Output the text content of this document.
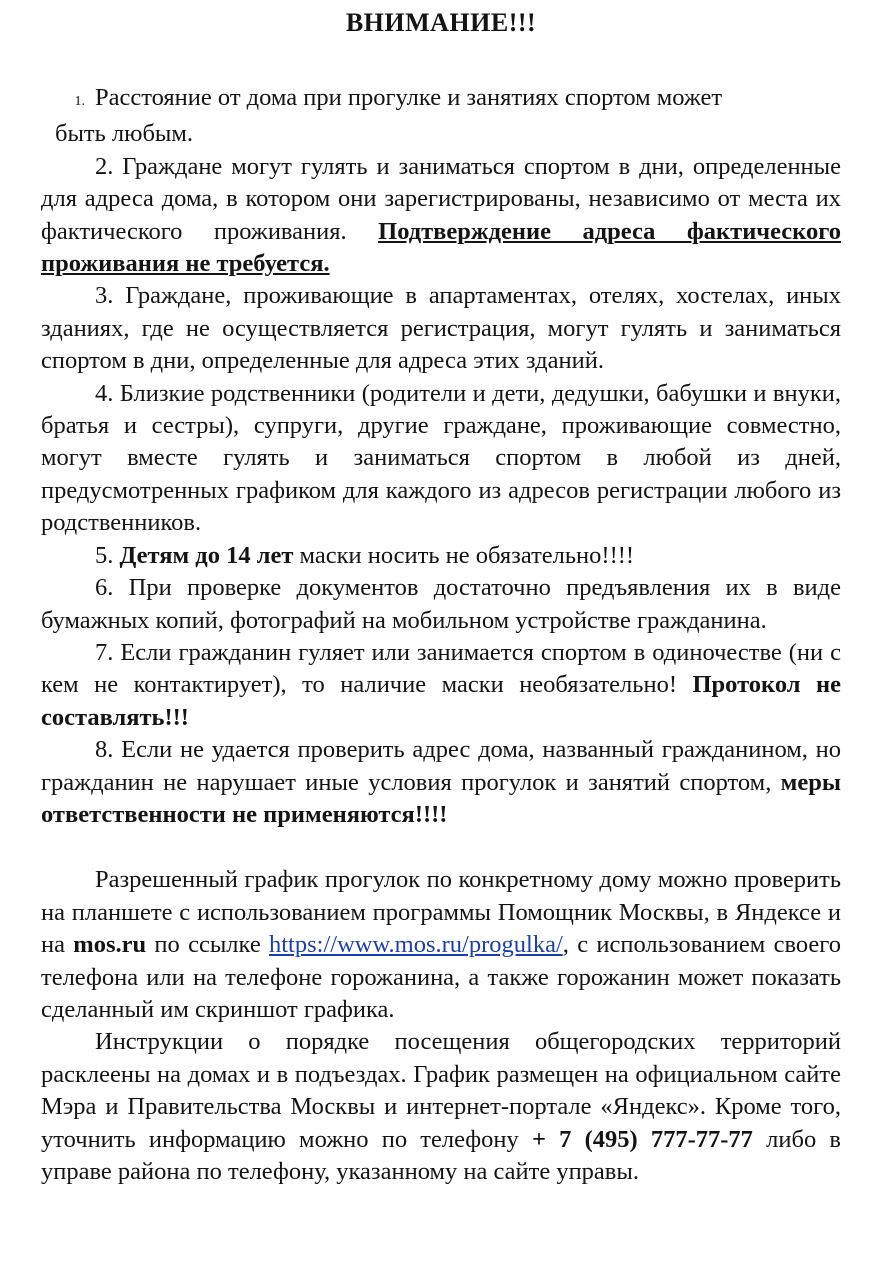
ВНИМАНИЕ!!!
1. Расстояние от дома при прогулке и занятиях спортом может
быть любым.
2. Граждане могут гулять и заниматься спортом в дни, определенные для адреса дома, в котором они зарегистрированы, независимо от места их фактического проживания. Подтверждение адреса фактического проживания не требуется.
3. Граждане, проживающие в апартаментах, отелях, хостелах, иных зданиях, где не осуществляется регистрация, могут гулять и заниматься спортом в дни, определенные для адреса этих зданий.
4. Близкие родственники (родители и дети, дедушки, бабушки и внуки, братья и сестры), супруги, другие граждане, проживающие совместно, могут вместе гулять и заниматься спортом в любой из дней, предусмотренных графиком для каждого из адресов регистрации любого из родственников.
5. Детям до 14 лет маски носить не обязательно!!!!
6. При проверке документов достаточно предъявления их в виде бумажных копий, фотографий на мобильном устройстве гражданина.
7. Если гражданин гуляет или занимается спортом в одиночестве (ни с кем не контактирует), то наличие маски необязательно! Протокол не составлять!!!
8. Если не удается проверить адрес дома, названный гражданином, но гражданин не нарушает иные условия прогулок и занятий спортом, меры ответственности не применяются!!!!
Разрешенный график прогулок по конкретному дому можно проверить на планшете с использованием программы Помощник Москвы, в Яндексе и на mos.ru по ссылке https://www.mos.ru/progulka/, с использованием своего телефона или на телефоне горожанина, а также горожанин может показать сделанный им скриншот графика.
Инструкции о порядке посещения общегородских территорий расклеены на домах и в подъездах. График размещен на официальном сайте Мэра и Правительства Москвы и интернет-портале «Яндекс». Кроме того, уточнить информацию можно по телефону + 7 (495) 777-77-77 либо в управе района по телефону, указанному на сайте управы.
